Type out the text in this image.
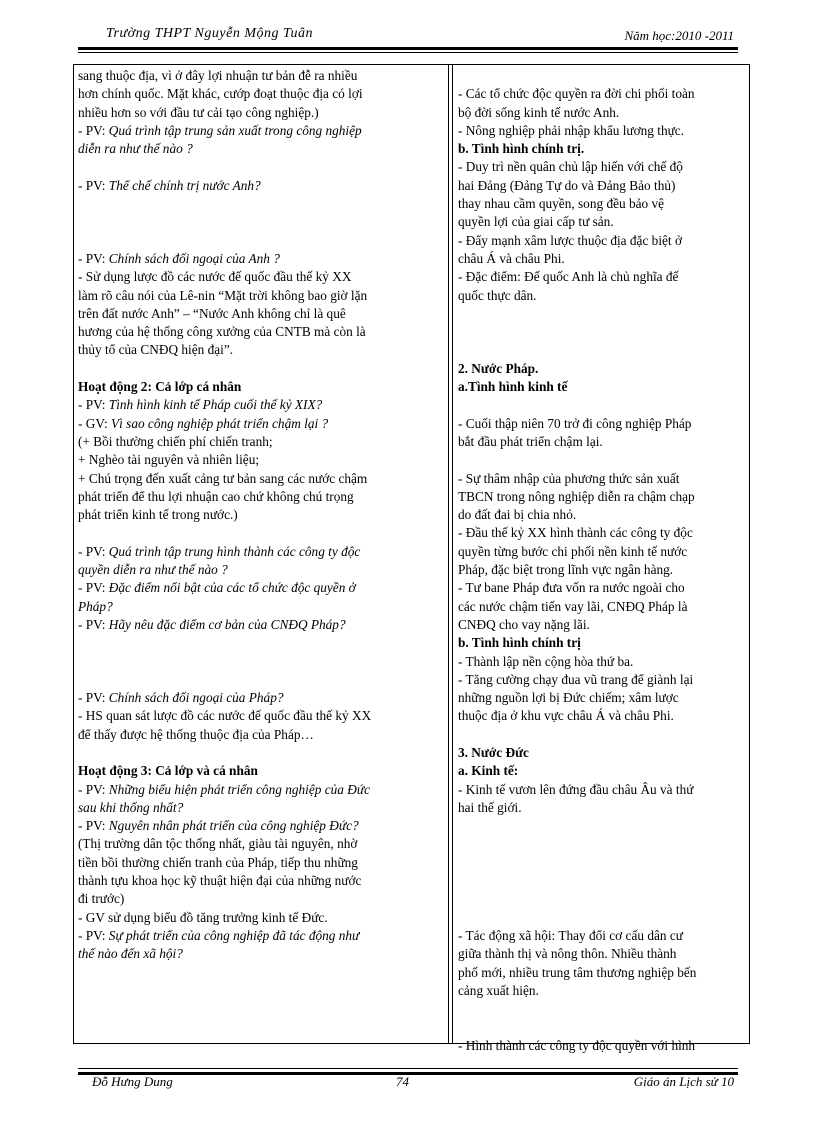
Trường THPT Nguyễn Mộng Tuân	Năm học:2010 -2011
sang thuộc địa, vì ở đây lợi nhuận tư bản đễ ra nhiều
hơn chính quốc. Mặt khác, cướp đoạt thuộc địa có lợi
nhiều hơn so với đầu tư cải tạo công nghiệp.)
- PV: Quá trình tập trung sản xuất trong công nghiệp
diễn ra như thế nào ?
- PV: Thể chế chính trị nước Anh?
- PV: Chính sách đối ngoại của Anh ?
- Sử dụng lược đồ các nước đế quốc đầu thế kỷ XX
làm rõ câu nói của Lê-nin “Mặt trời không bao giờ lặn
trên đất nước Anh” – “Nước Anh không chỉ là quê
hương của hệ thống công xưởng của CNTB mà còn là
thủy tổ của CNĐQ hiện đại”.
Hoạt động 2: Cả lớp cá nhân
- PV: Tình hình kinh tế Pháp cuối thế kỷ XIX?
- GV: Vì sao công nghiệp phát triển chậm lại ?
(+ Bồi thường chiến phí chiến tranh;
+ Nghèo tài nguyên và nhiên liệu;
+ Chú trọng đến xuất cảng tư bản sang các nước chậm
phát triển để thu lợi nhuận cao chứ không chú trọng
phát triển kinh tế trong nước.)
- PV: Quá trình tập trung hình thành các công ty độc
quyền diễn ra như thế nào ?
- PV: Đặc điểm nổi bật của các tổ chức độc quyền ở
Pháp?
- PV: Hãy nêu đặc điểm cơ bản của CNĐQ Pháp?
- PV: Chính sách đối ngoại của Pháp?
- HS quan sát lược đồ các nước đế quốc đầu thế kỷ XX
để thấy được hệ thống thuộc địa của Pháp…
Hoạt động 3: Cả lớp và cá nhân
- PV: Những biểu hiện phát triển công nghiệp của Đức
sau khi thống nhất?
- PV: Nguyên nhân phát triển của công nghiệp Đức?
(Thị trường dân tộc thống nhất, giàu tài nguyên, nhờ
tiền bồi thường chiến tranh của Pháp, tiếp thu những
thành tựu khoa học kỹ thuật hiện đại của những nước
đi trước)
- GV sử dụng biểu đồ tăng trưởng kinh tế Đức.
- PV: Sự phát triển của công nghiệp đã tác động như
thế nào đến xã hội?
- Các tổ chức độc quyền ra đời chi phối toàn
bộ đời sống kinh tế nước Anh.
- Nông nghiệp phải nhập khẩu lương thực.
b. Tình hình chính trị.
- Duy trì nền quân chủ lập hiến với chế độ
hai Đảng (Đảng Tự do và Đảng Bảo thủ)
thay nhau cầm quyền, song đều bảo vệ
quyền lợi của giai cấp tư sản.
- Đẩy mạnh xâm lược thuộc địa đặc biệt ở
châu Á và châu Phi.
- Đặc điểm: Đế quốc Anh là chủ nghĩa đế
quốc thực dân.
2. Nước Pháp.
a.Tình hình kinh tế
- Cuối thập niên 70 trở đi công nghiệp Pháp
bắt đầu phát triển chậm lại.
- Sự thâm nhập của phương thức sản xuất
TBCN trong nông nghiệp diễn ra chậm chạp
do đất đai bị chia nhỏ.
- Đầu thế kỷ XX hình thành các công ty độc
quyền từng bước chi phối nền kinh tế nước
Pháp, đặc biệt trong lĩnh vực ngân hàng.
- Tư bane Pháp đưa vốn ra nước ngoài cho
các nước chậm tiến vay lãi, CNĐQ Pháp là
CNĐQ cho vay nặng lãi.
b. Tình hình chính trị
- Thành lập nền cộng hòa thứ ba.
- Tăng cường chạy đua vũ trang để giành lại
những nguồn lợi bị Đức chiếm; xâm lược
thuộc địa ở khu vực châu Á và châu Phi.
3. Nước Đức
a. Kinh tế:
- Kinh tế vươn lên đứng đầu châu Âu và thứ
hai thế giới.
- Tác động xã hội: Thay đổi cơ cấu dân cư
giữa thành thị và nông thôn. Nhiều thành
phố mới, nhiều trung tâm thương nghiệp bến
cảng xuất hiện.
- Hình thành các công ty độc quyền với hình
Đỗ Hưng Dung	74	Giáo án Lịch sử 10
